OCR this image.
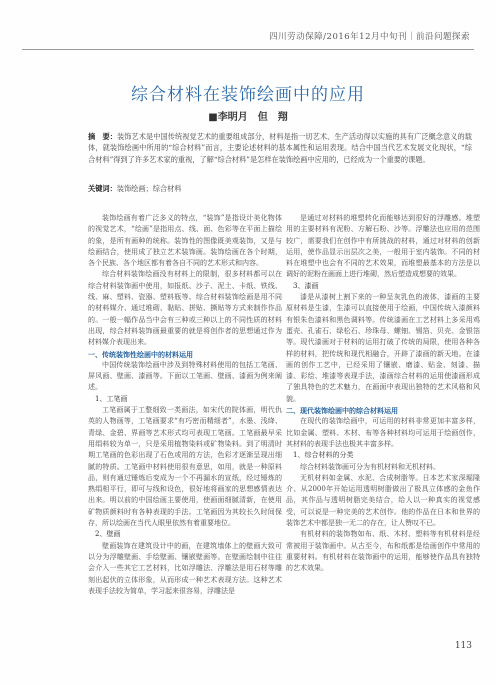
四川劳动保障/2016年12月中旬刊｜前沿问题探索
综合材料在装饰绘画中的应用
■李明月　但　翔
摘　要：装饰艺术是中国传统视觉艺术的重要组成部分，材料是指一切艺术、生产活动得以实施的具有广泛概念意义的载体，就装饰绘画中所用的“综合材料”而言，主要论述材料的基本属性和运用表现。结合中国当代艺术发展文化现状，“综合材料”得到了许多艺术家的重视，了解“综合材料”是怎样在装饰绘画中应用的，已经成为一个重要的课题。
关键词：装饰绘画；综合材料

装饰绘画有着广泛多义的特点，“装饰”是指设计美化物体的视觉艺术，“绘画”是指用点、线、面、色彩等在平面上描绘的象，是所有画种的统称。装饰性的图像既美观装饰，又是与绘画结合，使用成了独立艺术装饰画。装饰绘画在各个时期，各个民族、各个地区都有着各自不同的艺术形式和内容。

综合材料装饰绘画没有材料上的限制，很多材料都可以在综合材料装饰画中使用，如报纸、沙子、泥土、卡纸、铁线、线、麻、塑料、瓷器、塑料瓶等。综合材料装饰绘画是用不同的材料媒介、通过堆砌、黏贴、拼贴、撕贴等方式来制作作品的。一般一幅作品当中会有三种或三种以上的不同性质的材料出现，综合材料装饰画最重要的就是将创作者的思想通过作为材料媒介表现出来。

一、传统装饰性绘画中的材料运用

中国传统装饰绘画中涉及到特殊材料使用的包括工笔画、屏风画、壁画、漆画等。下面以工笔画、壁画、漆画为例来阐述。

1、工笔画

工笔画属于工整细致一类画法，如宋代的院体画，明代仇英的人物画等，工笔画要求“有巧密而精细者”，水墨、浅绛、青绿、金碧、界画等艺术形式均可表现工笔画。工笔画最早采用绢料较为单一，只是采用植物染料或矿物染料。到了明清时期工笔画的色彩出现了石色或用的方法，色彩才逐渐呈现出细腻的特质。工笔画中材料使用很有意思，如用，就是一种原料品，则有通过锤炼后变成为一个不再漏水的宣纸，经过锤炼的熟绢相平行，即可与线和设色，很好地将画家的思想感情表达出来。明以前的中国绘画主要使用，使画面细腻清新，在使用矿物质颜料时有各种表现的手法。工笔画因为其较长久时间保存，所以绘画在当代人眼里依然有着重要地位。

2、壁画

壁画装饰在建筑设计中的画，在建筑墙体上的壁画大致可以分为浮雕壁画、手绘壁画、镶嵌壁画等。在壁画绘制中往往会介入一些其它工艺材料，比如浮雕法、浮雕法是用石材等雕刻出起伏的立体形象，从而形成一种艺术表现方法。这种艺术表现手法较为简单，学习起来很容易，浮雕法是

是通过对材料的堆塑转化而能够达到很好的浮雕感。堆塑用的主要材料有泥粉、方解石粉、沙等。浮雕法也应用的范围较广，需要我们在创作中有所挑战的材料，通过对材料的创新运用，使作品显示出层次之美，一般用于室内装饰。不同的材料在堆塑中也会有不同的艺术效果，而堆塑最基本的方法是以调好的泥粉在画面上进行堆砌，然后塑造成想要的效果。

3、漆画

漆是从漆树上割下来的一种呈灰乳色的液体，漆画的主要原材料是生漆，生漆可以直接使用于绘画，中国传统入漆颜料有银朱色漆料和黑色调料等。传统漆画在工艺材料上多采用鸡蛋壳、孔雀石、绿松石、珍珠母、螺钿、锡箔、贝壳、金银箔等。现代漆画对于材料的运用打破了传统的局限，使用各种各样的材料，把传统和现代相融合，开辟了漆画的新天地。在漆画的创作工艺中，已经采用了镶嵌、磨漆、贴金、刻漆、描漆、彩绘、堆漆等表现手法，漆画综合材料的运用使漆画形成了独具特色的艺术魅力，在画面中表现出独特的艺术风格和风貌。

二、现代装饰绘画中的综合材料运用

在现代的装饰绘画中，可运用的材料非常更加丰富多样，比如金属、塑料、木材、布等各种材料均可运用于绘画创作，其材料的表现手法也极其丰富多样。

1、综合材料的分类

综合材料装饰画可分为有机材料和无机材料。

无机材料如金属、水泥、合成树脂等。日本艺术家深堀隆介、从2000年开始运用透明树脂做出了极具立体感的金鱼作品，其作品与透明树脂完美结合，给人以一种真实的视觉感受，可以说是一种完美的艺术创作。他的作品在日本和世界的装饰艺术中都是独一无二的存在，让人赞叹不已。

有机材料的装饰物如布、纸、木材、塑料等有机材料是经常被用于装饰画中。从古至今，布和纸都是绘画创作中常用的重要材料。有机材料在装饰画中的运用，能够使作品具有独特的艺术效果。

113
